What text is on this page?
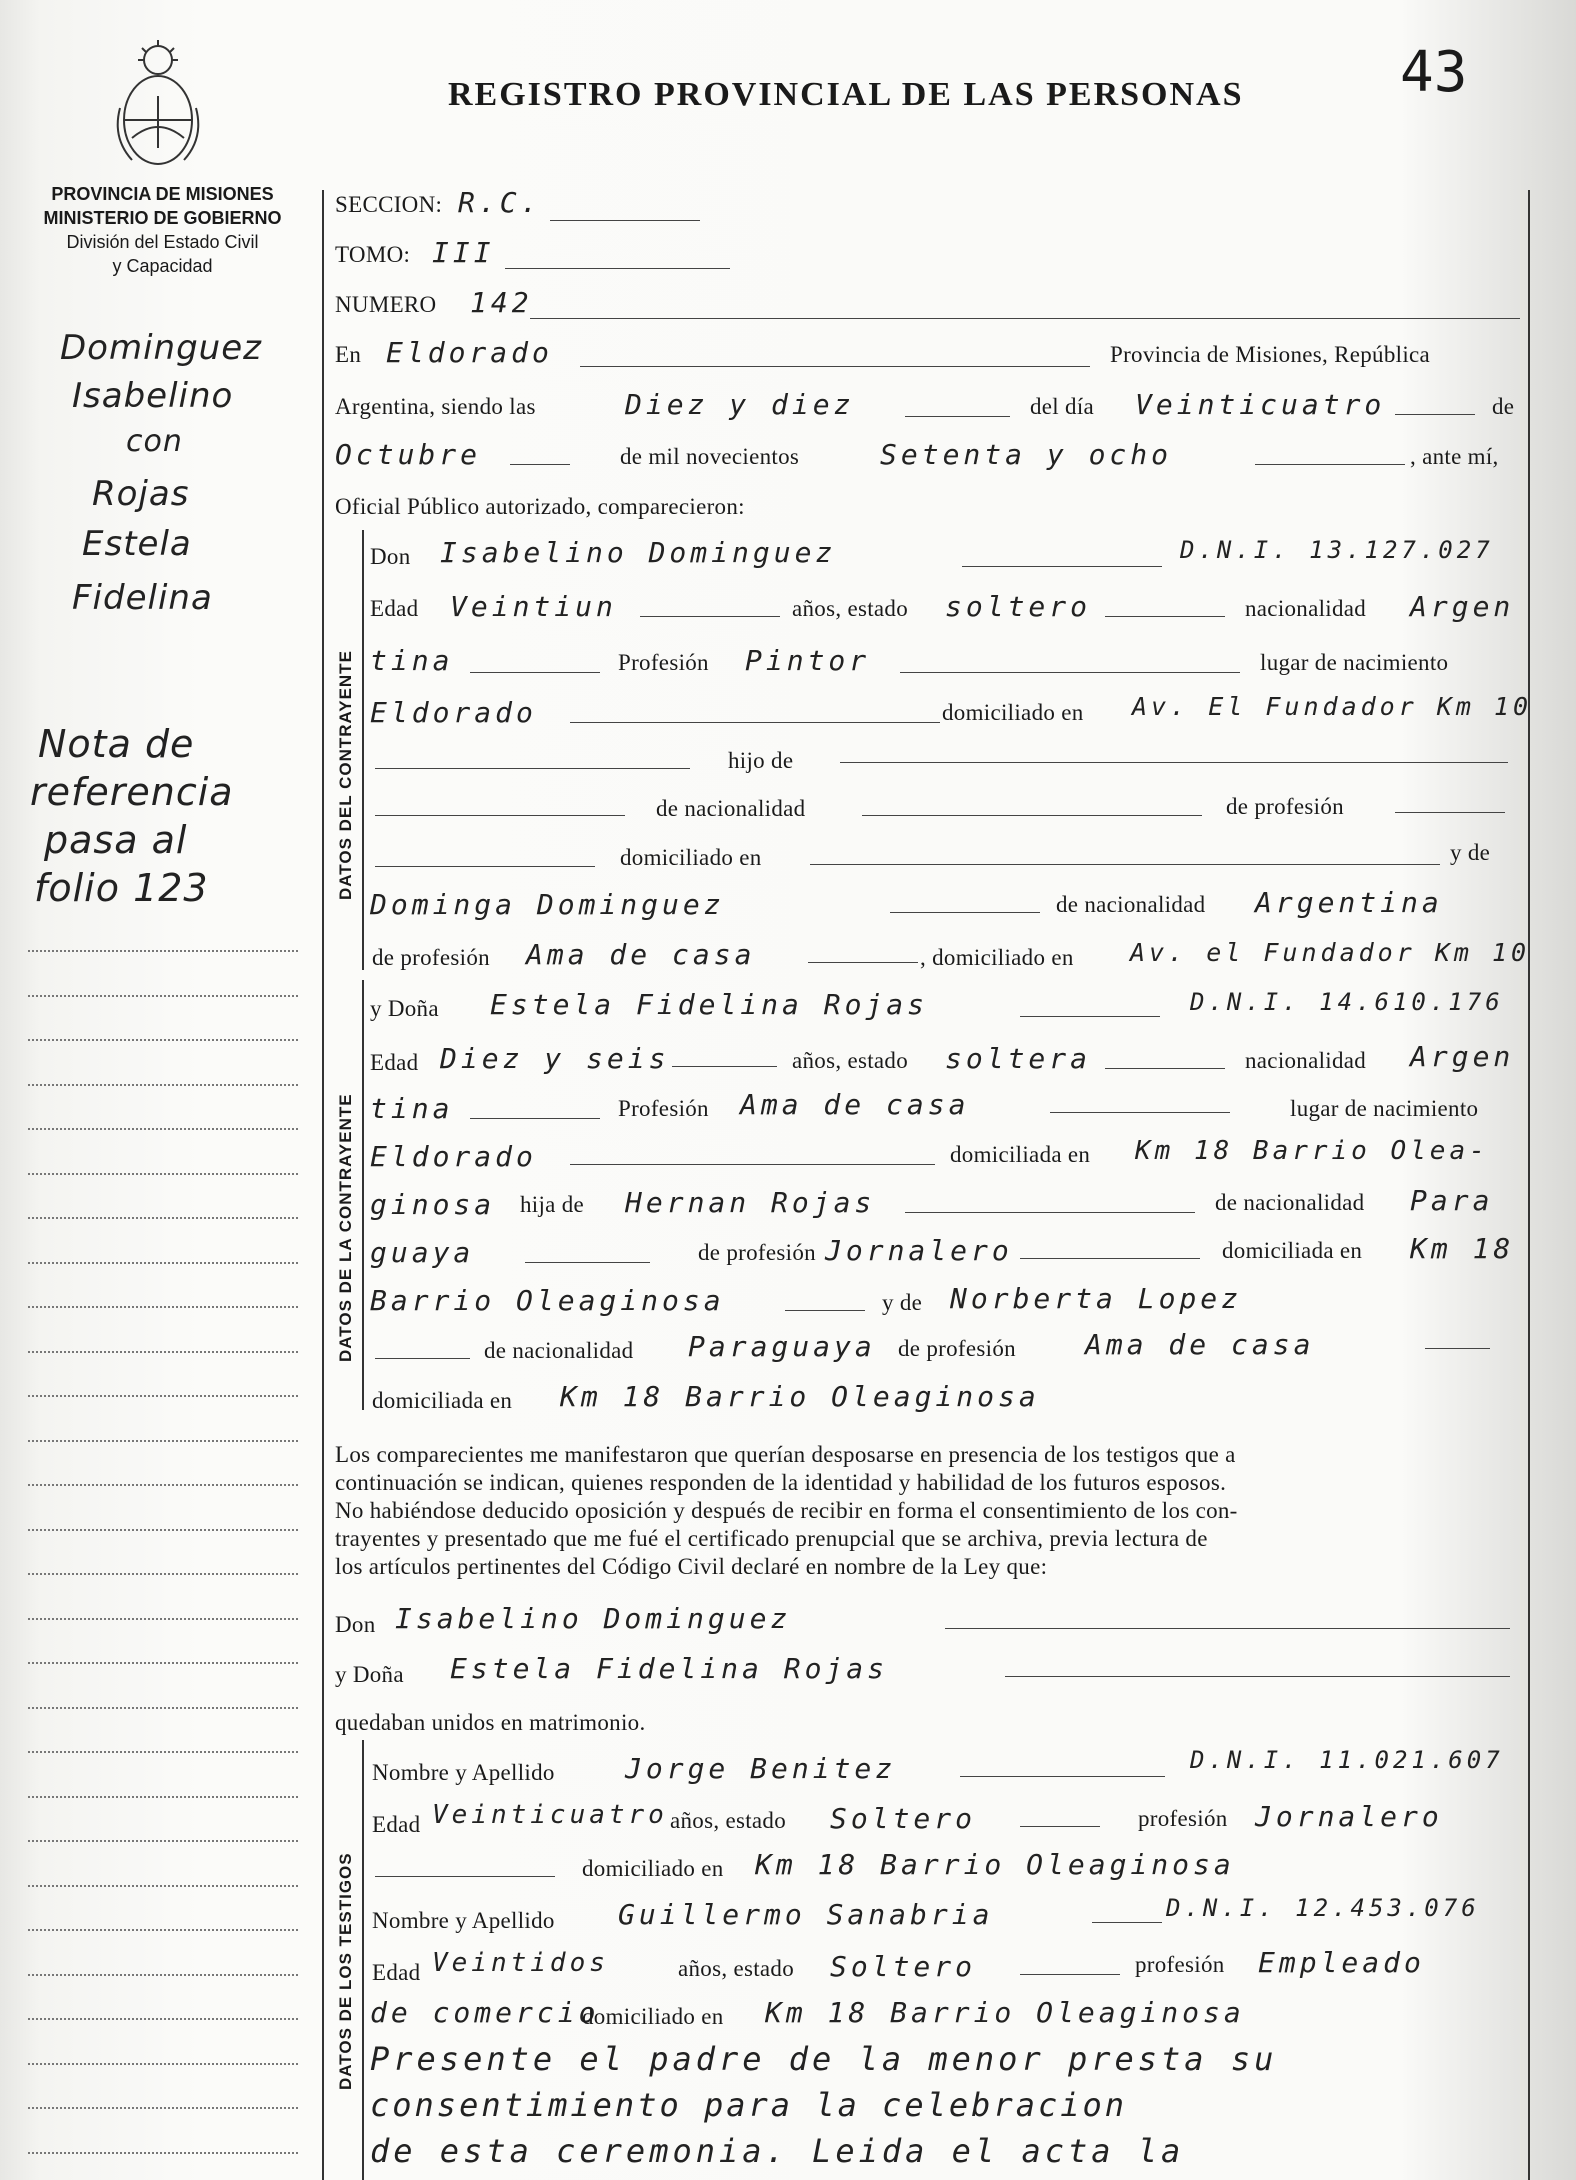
REGISTRO PROVINCIAL DE LAS PERSONAS	43
PROVINCIA DE MISIONES
MINISTERIO DE GOBIERNO
División del Estado Civil
y Capacidad
Dominguez
Isabelino
con
Rojas
Estela
Fidelina
Nota de
referencia
pasa al
folio 123
SECCION: R.C.
TOMO: III
NUMERO 142
En Eldorado	Provincia de Misiones, República
Argentina, siendo las	Diez y diez	del día Veinticuatro	de
Octubre	de mil novecientos	Setenta y ocho	, ante mí,
Oficial Público autorizado, comparecieron:
DATOS DEL CONTRAYENTE
Don Isabelino Dominguez	D.N.I. 13.127.027
Edad Veintiun	años, estado soltero	nacionalidad Argen
tina	Profesión Pintor	lugar de nacimiento
Eldorado	domiciliado en Av. El Fundador Km 10
hijo de
de nacionalidad	de profesión
domiciliado en	y de
Dominga Dominguez	de nacionalidad Argentina
de profesión Ama de casa	, domiciliado en Av. el Fundador Km 10
DATOS DE LA CONTRAYENTE
y Doña Estela Fidelina Rojas	D.N.I. 14.610.176
Edad Diez y seis	años, estado soltera	nacionalidad Argen
tina	Profesión Ama de casa	lugar de nacimiento
Eldorado	domiciliada en Km 18 Barrio Olea-
ginosa hija de Hernan Rojas	de nacionalidad Para
guaya	de profesión Jornalero	domiciliada en Km 18
Barrio Oleaginosa	y de Norberta Lopez
de nacionalidad Paraguaya de profesión Ama de casa
domiciliada en Km 18 Barrio Oleaginosa
Los comparecientes me manifestaron que querían desposarse en presencia de los testigos que a
continuación se indican, quienes responden de la identidad y habilidad de los futuros esposos.
No habiéndose deducido oposición y después de recibir en forma el consentimiento de los con-
trayentes y presentado que me fué el certificado prenupcial que se archiva, previa lectura de
los artículos pertinentes del Código Civil declaré en nombre de la Ley que:
Don Isabelino Dominguez
y Doña Estela Fidelina Rojas
quedaban unidos en matrimonio.
DATOS DE LOS TESTIGOS
Nombre y Apellido	Jorge Benitez	D.N.I. 11.021.607
Edad Veinticuatro años, estado Soltero	profesión Jornalero
domiciliado en Km 18 Barrio Oleaginosa
Nombre y Apellido Guillermo Sanabria	D.N.I. 12.453.076
Edad Veintidos	años, estado Soltero	profesión Empleado
de comercio
domiciliado en Km 18 Barrio Oleaginosa
Presente el padre de la menor presta su
consentimiento para la celebracion
de esta ceremonia. Leida el acta la
